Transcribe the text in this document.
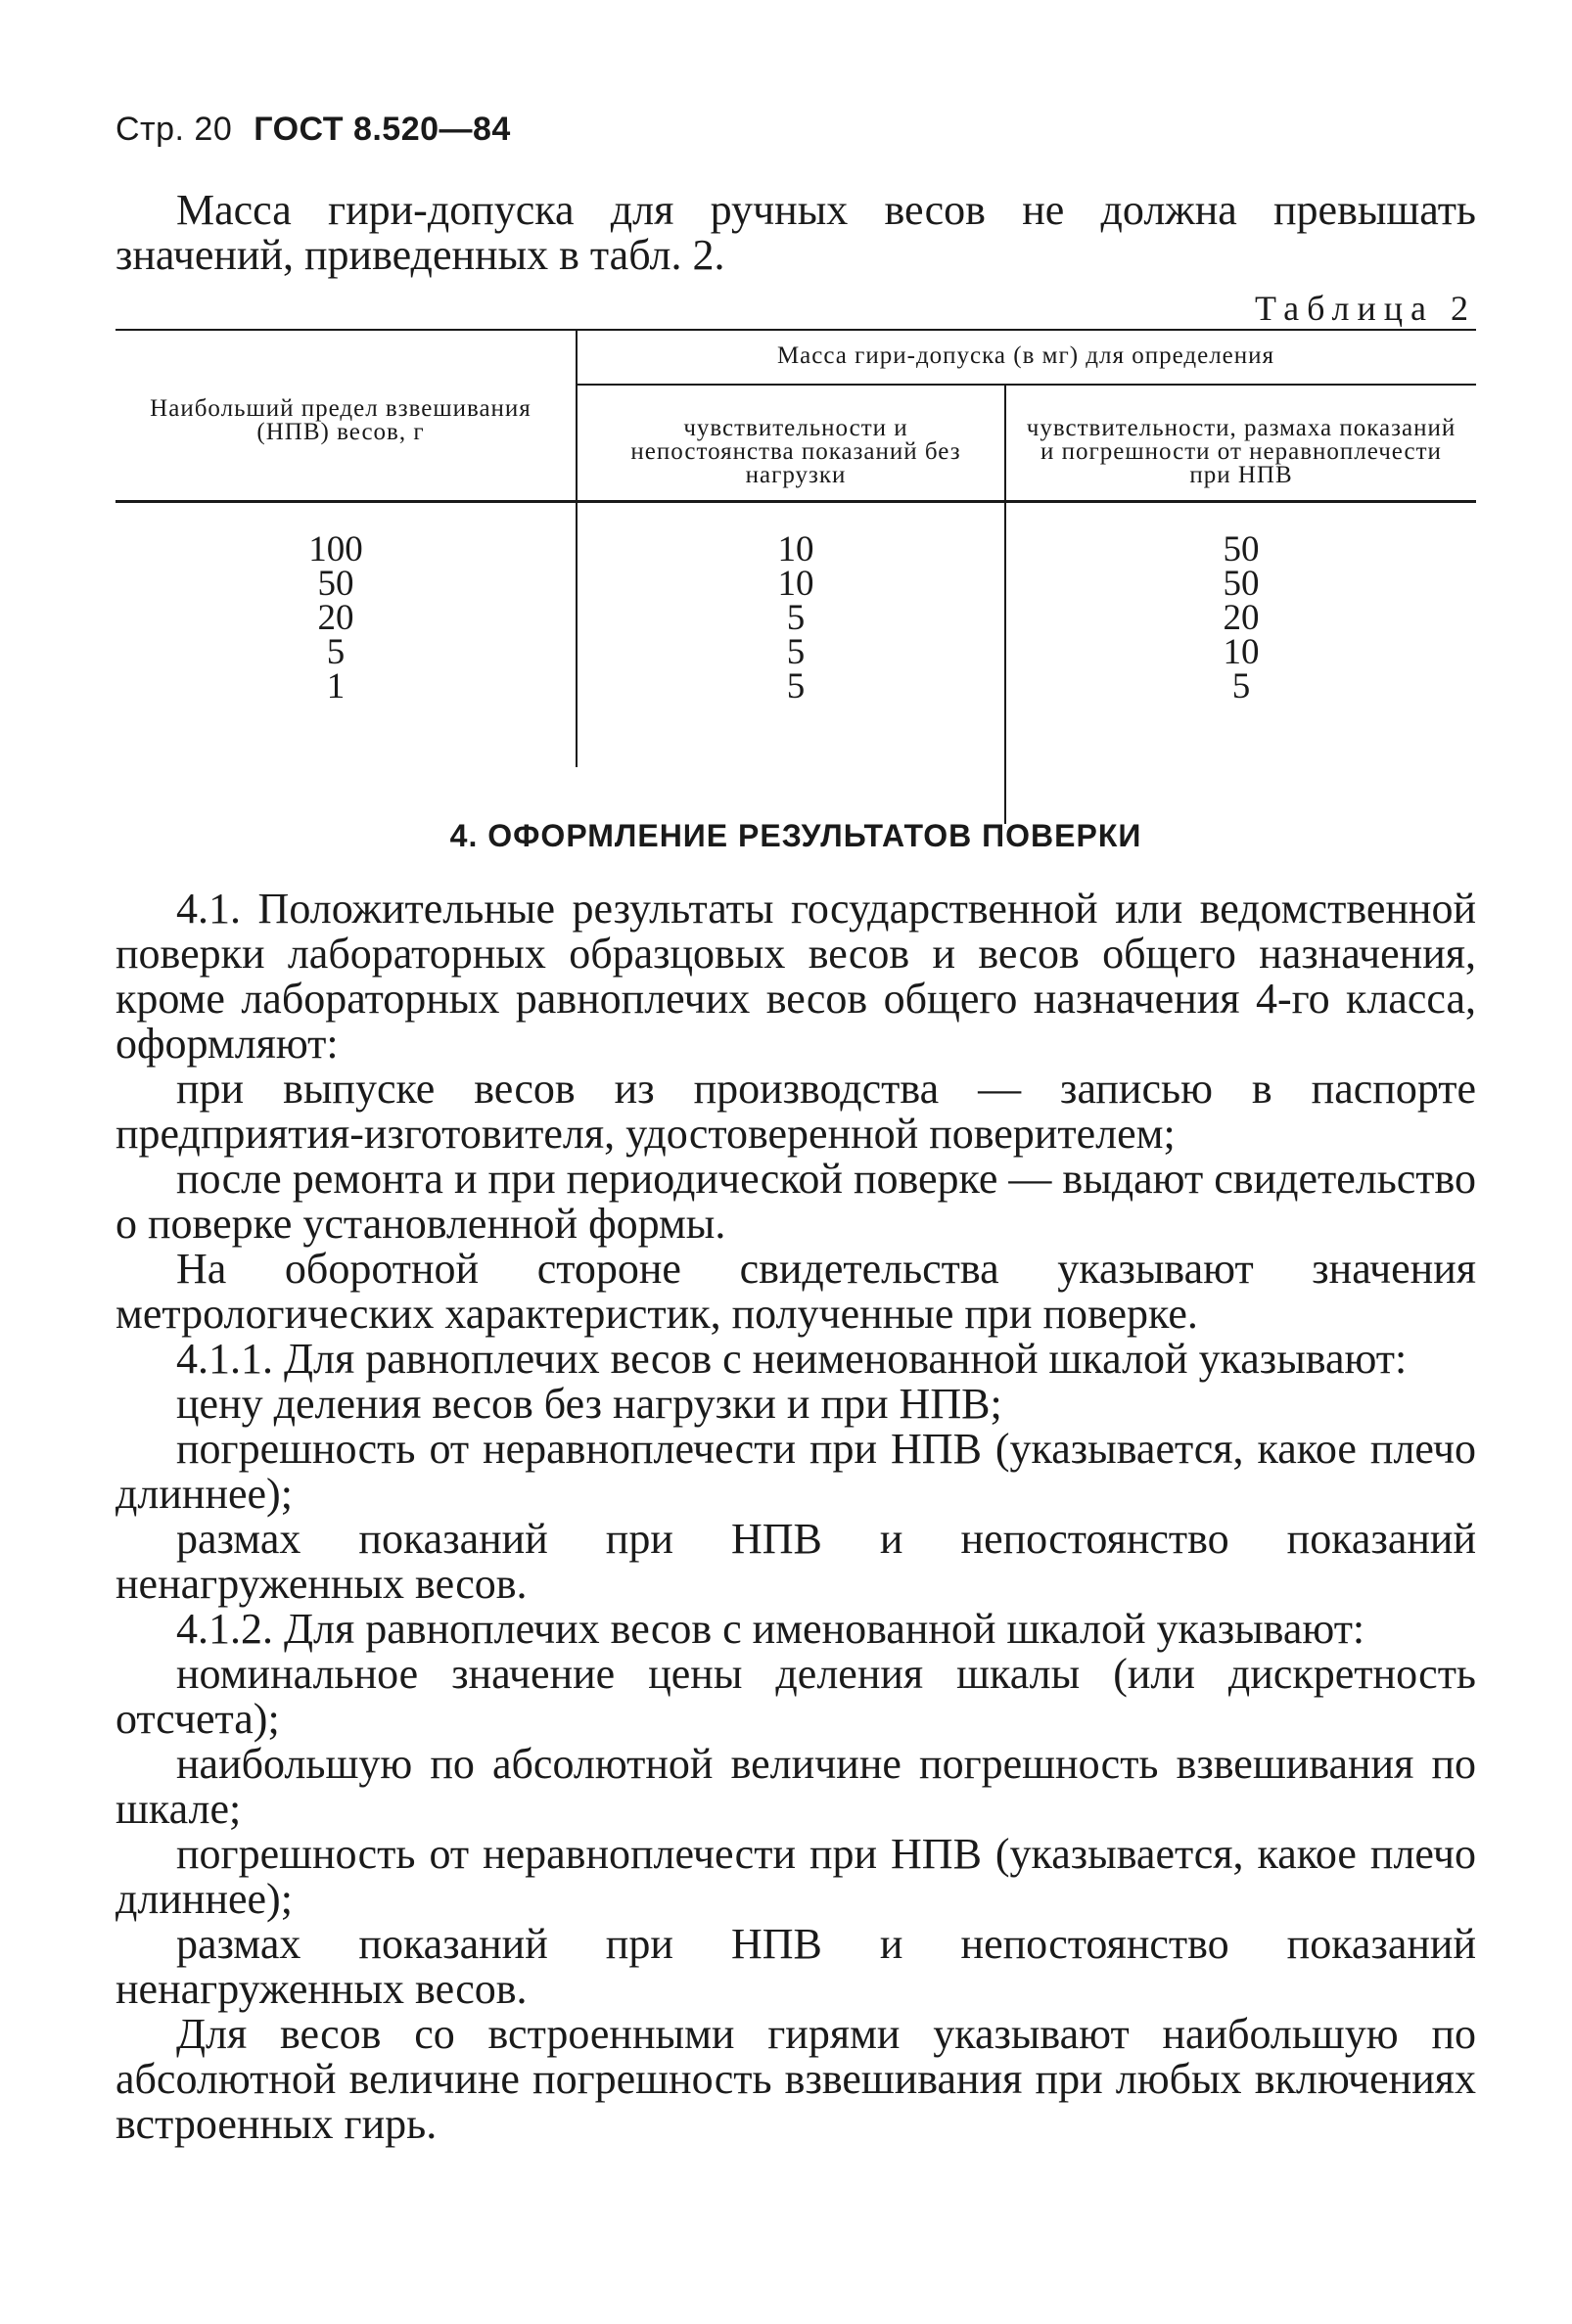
Стр. 20 ГОСТ 8.520—84

Масса гири-допуска для ручных весов не должна превышать значений, приведенных в табл. 2.

Таблица 2
Наибольший предел взвешивания (НПВ) весов, г
Масса гири-допуска (в мг) для определения
чувствительности и непостоянства показаний без нагрузки
чувствительности, размаха показаний и погрешности от неравноплечести при НПВ
100
50
20
5
1
10
10
5
5
5
50
50
20
10
5
4. ОФОРМЛЕНИЕ РЕЗУЛЬТАТОВ ПОВЕРКИ

4.1. Положительные результаты государственной или ведомственной поверки лабораторных образцовых весов и весов общего назначения, кроме лабораторных равноплечих весов общего назначения 4-го класса, оформляют:

при выпуске весов из производства — записью в паспорте предприятия-изготовителя, удостоверенной поверителем;

после ремонта и при периодической поверке — выдают свидетельство о поверке установленной формы.

На оборотной стороне свидетельства указывают значения метрологических характеристик, полученные при поверке.

4.1.1. Для равноплечих весов с неименованной шкалой указывают:

цену деления весов без нагрузки и при НПВ;

погрешность от неравноплечести при НПВ (указывается, какое плечо длиннее);

размах показаний при НПВ и непостоянство показаний ненагруженных весов.

4.1.2. Для равноплечих весов с именованной шкалой указывают:

номинальное значение цены деления шкалы (или дискретность отсчета);

наибольшую по абсолютной величине погрешность взвешивания по шкале;

погрешность от неравноплечести при НПВ (указывается, какое плечо длиннее);

размах показаний при НПВ и непостоянство показаний ненагруженных весов.

Для весов со встроенными гирями указывают наибольшую по абсолютной величине погрешность взвешивания при любых включениях встроенных гирь.
